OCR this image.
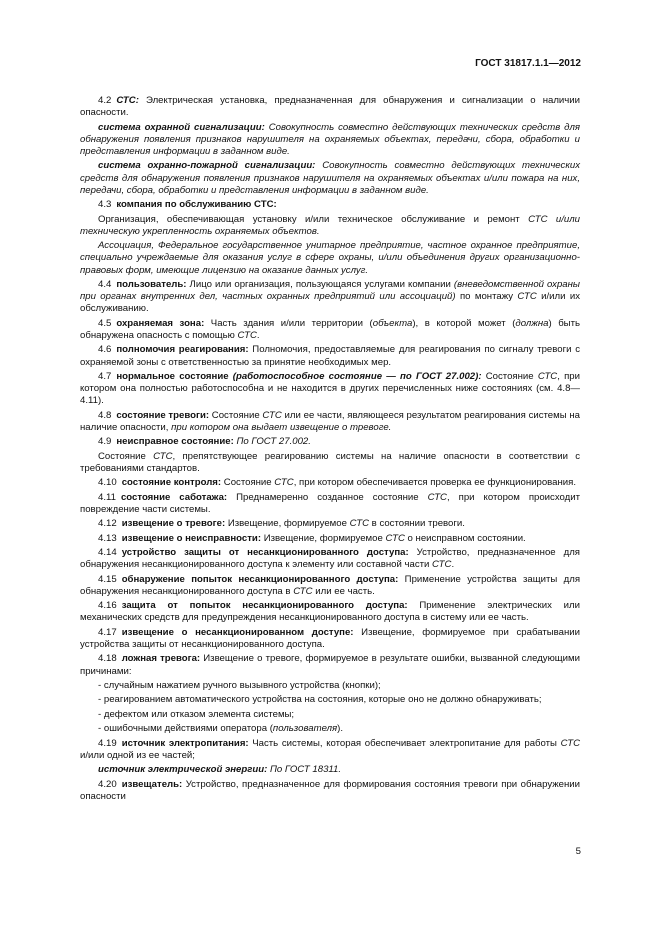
ГОСТ 31817.1.1—2012

4.2 СТС: Электрическая установка, предназначенная для обнаружения и сигнализации о наличии опасности.

система охранной сигнализации: Совокупность совместно действующих технических средств для обнаружения появления признаков нарушителя на охраняемых объектах, передачи, сбора, обработки и представления информации в заданном виде.

система охранно-пожарной сигнализации: Совокупность совместно действующих технических средств для обнаружения появления признаков нарушителя на охраняемых объектах и/или пожара на них, передачи, сбора, обработки и представления информации в заданном виде.

4.3 компания по обслуживанию СТС:

Организация, обеспечивающая установку и/или техническое обслуживание и ремонт СТС и/или техническую укрепленность охраняемых объектов.

Ассоциация, Федеральное государственное унитарное предприятие, частное охранное предприятие, специально учреждаемые для оказания услуг в сфере охраны, и/или объединения других организационно-правовых форм, имеющие лицензию на оказание данных услуг.

4.4 пользователь: Лицо или организация, пользующаяся услугами компании (вневедомственной охраны при органах внутренних дел, частных охранных предприятий или ассоциаций) по монтажу СТС и/или их обслуживанию.

4.5 охраняемая зона: Часть здания и/или территории (объекта), в которой может (должна) быть обнаружена опасность с помощью СТС.

4.6 полномочия реагирования: Полномочия, предоставляемые для реагирования по сигналу тревоги с охраняемой зоны с ответственностью за принятие необходимых мер.

4.7 нормальное состояние (работоспособное состояние — по ГОСТ 27.002): Состояние СТС, при котором она полностью работоспособна и не находится в других перечисленных ниже состояниях (см. 4.8—4.11).

4.8 состояние тревоги: Состояние СТС или ее части, являющееся результатом реагирования системы на наличие опасности, при котором она выдает извещение о тревоге.

4.9 неисправное состояние: По ГОСТ 27.002.

Состояние СТС, препятствующее реагированию системы на наличие опасности в соответствии с требованиями стандартов.

4.10 состояние контроля: Состояние СТС, при котором обеспечивается проверка ее функционирования.

4.11 состояние саботажа: Преднамеренно созданное состояние СТС, при котором происходит повреждение части системы.

4.12 извещение о тревоге: Извещение, формируемое СТС в состоянии тревоги.

4.13 извещение о неисправности: Извещение, формируемое СТС о неисправном состоянии.

4.14 устройство защиты от несанкционированного доступа: Устройство, предназначенное для обнаружения несанкционированного доступа к элементу или составной части СТС.

4.15 обнаружение попыток несанкционированного доступа: Применение устройства защиты для обнаружения несанкционированного доступа в СТС или ее часть.

4.16 защита от попыток несанкционированного доступа: Применение электрических или механических средств для предупреждения несанкционированного доступа в систему или ее часть.

4.17 извещение о несанкционированном доступе: Извещение, формируемое при срабатывании устройства защиты от несанкционированного доступа.

4.18 ложная тревога: Извещение о тревоге, формируемое в результате ошибки, вызванной следующими причинами:

- случайным нажатием ручного вызывного устройства (кнопки);

- реагированием автоматического устройства на состояния, которые оно не должно обнаруживать;

- дефектом или отказом элемента системы;

- ошибочными действиями оператора (пользователя).

4.19 источник электропитания: Часть системы, которая обеспечивает электропитание для работы СТС и/или одной из ее частей;

источник электрической энергии: По ГОСТ 18311.

4.20 извещатель: Устройство, предназначенное для формирования состояния тревоги при обнаружении опасности

5
